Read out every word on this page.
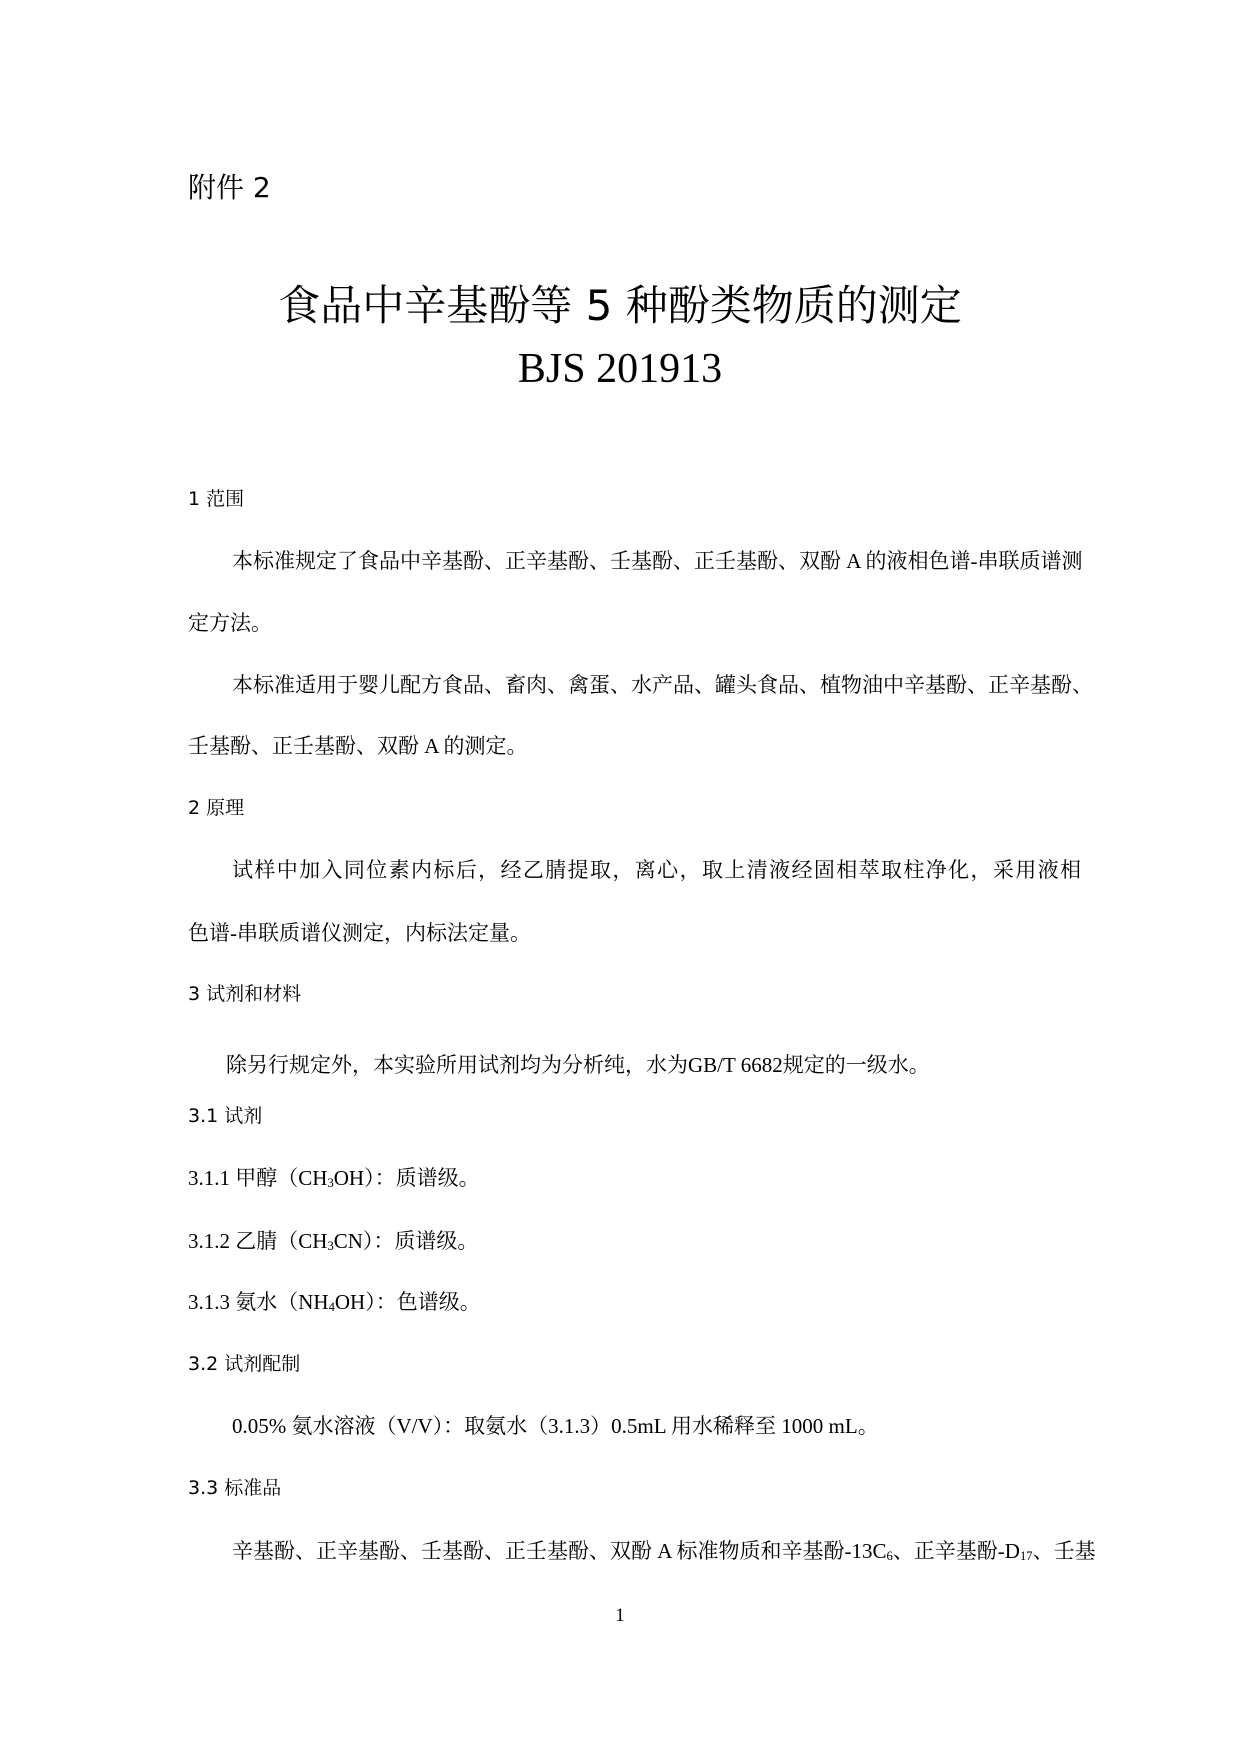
附件 2
食品中辛基酚等 5 种酚类物质的测定
BJS 201913
1 范围
本标准规定了食品中辛基酚、正辛基酚、壬基酚、正壬基酚、双酚 A 的液相色谱-串联质谱测
定方法。
本标准适用于婴儿配方食品、畜肉、禽蛋、水产品、罐头食品、植物油中辛基酚、正辛基酚、
壬基酚、正壬基酚、双酚 A 的测定。
2 原理
试样中加入同位素内标后，经乙腈提取，离心，取上清液经固相萃取柱净化，采用液相
色谱-串联质谱仪测定，内标法定量。
3 试剂和材料
除另行规定外，本实验所用试剂均为分析纯，水为GB/T 6682规定的一级水。
3.1 试剂
3.1.1 甲醇$(CH_3OH)$：质谱级。
3.1.2 乙腈$(CH_3CN)$：质谱级。
3.1.3 氨水$(NH_4OH)$：色谱级。
3.2 试剂配制
0.05% 氨水溶液（V/V）：取氨水（3.1.3）0.5mL 用水稀释至 1000 mL。
3.3 标准品
辛基酚、正辛基酚、壬基酚、正壬基酚、双酚 A 标准物质和辛基酚$-13C_6$、正辛基酚$-D_{17}$、壬基
1
